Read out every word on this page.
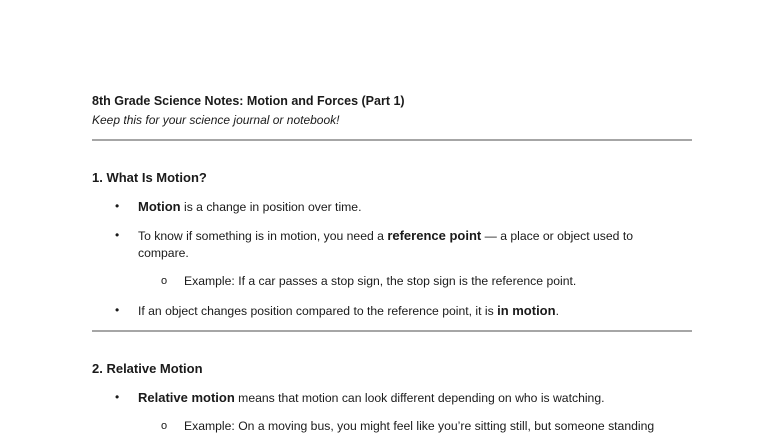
8th Grade Science Notes: Motion and Forces (Part 1)
Keep this for your science journal or notebook!
1. What Is Motion?
• Motion is a change in position over time.
• To know if something is in motion, you need a reference point — a place or object used to
compare.
o Example: If a car passes a stop sign, the stop sign is the reference point.
• If an object changes position compared to the reference point, it is in motion.
2. Relative Motion
• Relative motion means that motion can look different depending on who is watching.
o Example: On a moving bus, you might feel like you’re sitting still, but someone standing
